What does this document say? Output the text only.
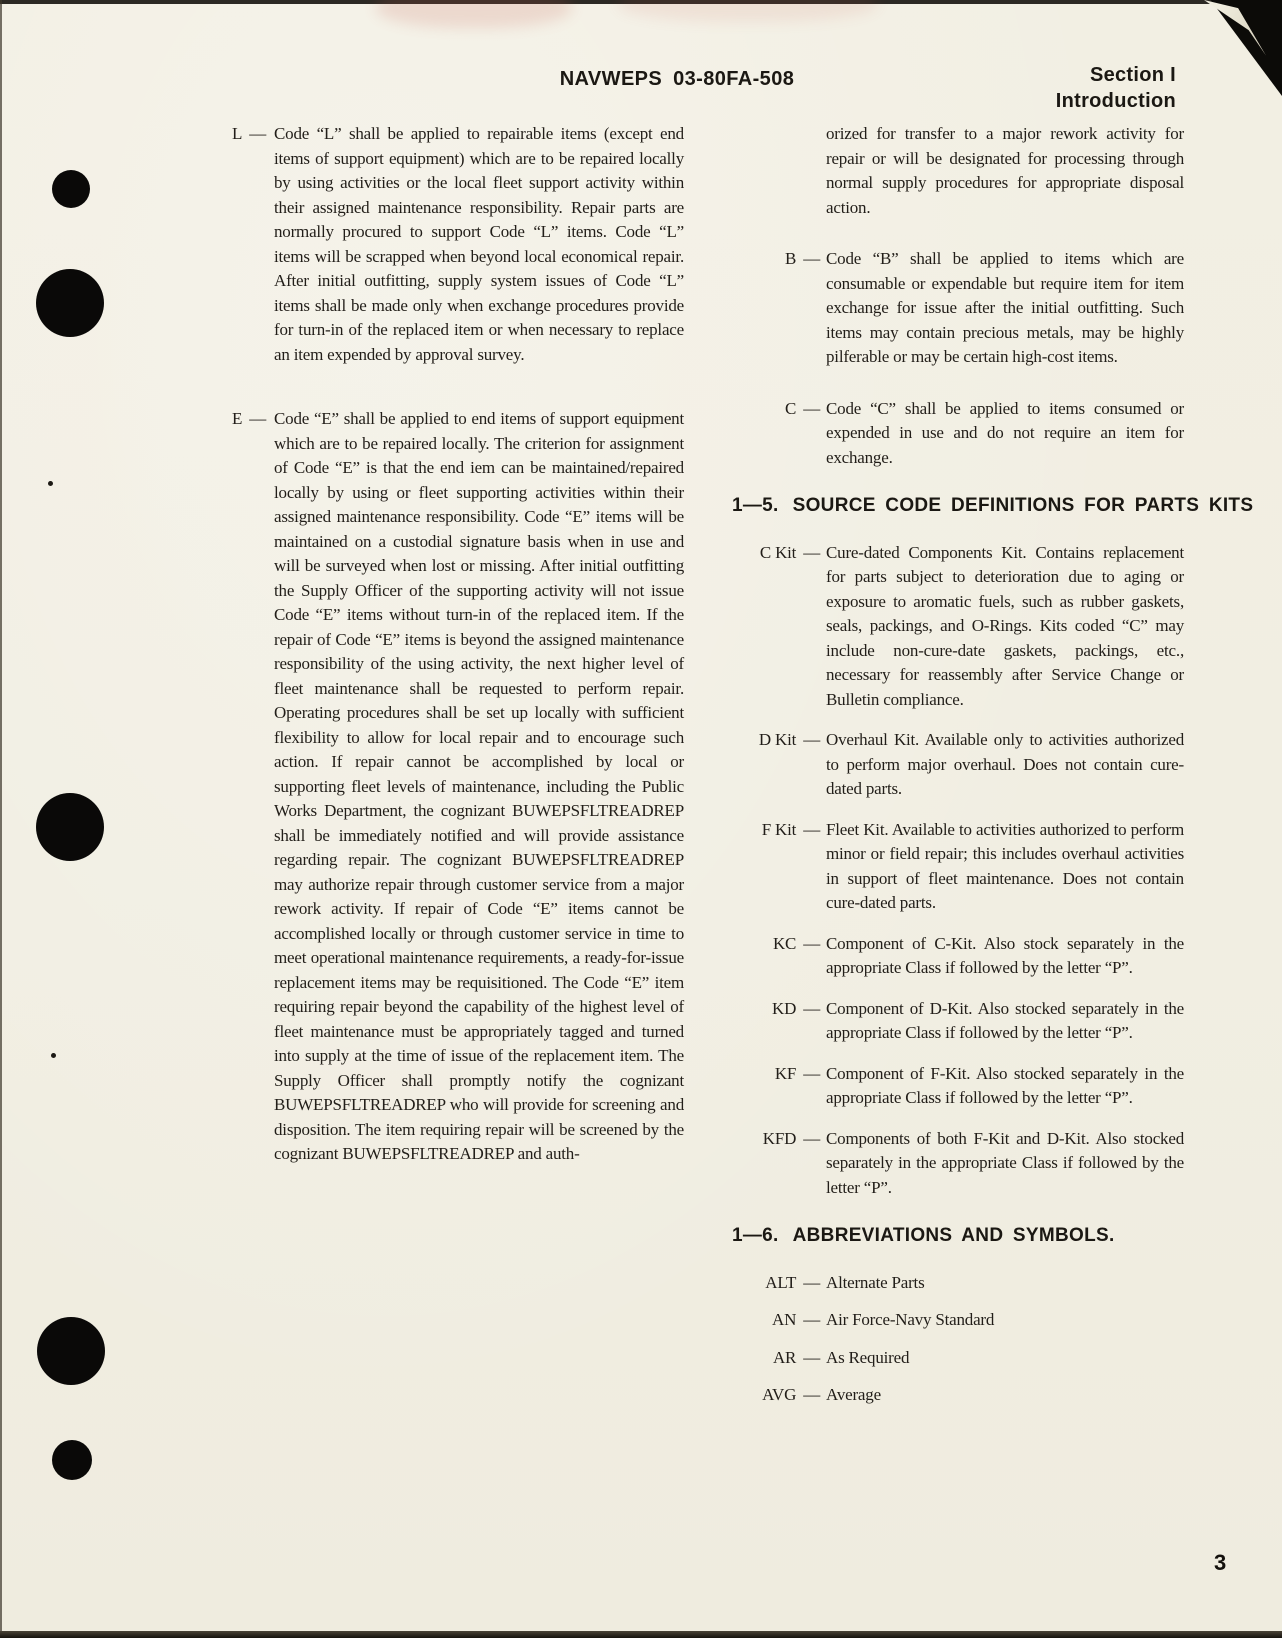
NAVWEPS 03-80FA-508	Section I
Introduction
L — Code “L” shall be applied to repairable items (except end items of support equipment) which are to be repaired locally by using activities or the local fleet support activity within their assigned maintenance responsibility. Repair parts are normally procured to support Code “L” items. Code “L” items will be scrapped when beyond local economical repair. After initial outfitting, supply system issues of Code “L” items shall be made only when exchange procedures provide for turn-in of the replaced item or when necessary to replace an item expended by approval survey.
E — Code “E” shall be applied to end items of support equipment which are to be repaired locally. The criterion for assignment of Code “E” is that the end iem can be maintained/repaired locally by using or fleet supporting activities within their assigned maintenance responsibility. Code “E” items will be maintained on a custodial signature basis when in use and will be surveyed when lost or missing. After initial outfitting the Supply Officer of the supporting activity will not issue Code “E” items without turn-in of the replaced item. If the repair of Code “E” items is beyond the assigned maintenance responsibility of the using activity, the next higher level of fleet maintenance shall be requested to perform repair. Operating procedures shall be set up locally with sufficient flexibility to allow for local repair and to encourage such action. If repair cannot be accomplished by local or supporting fleet levels of maintenance, including the Public Works Department, the cognizant BUWEPSFLTREADREP shall be immediately notified and will provide assistance regarding repair. The cognizant BUWEPSFLTREADREP may authorize repair through customer service from a major rework activity. If repair of Code “E” items cannot be accomplished locally or through customer service in time to meet operational maintenance requirements, a ready-for-issue replacement items may be requisitioned. The Code “E” item requiring repair beyond the capability of the highest level of fleet maintenance must be appropriately tagged and turned into supply at the time of issue of the replacement item. The Supply Officer shall promptly notify the cognizant BUWEPSFLTREADREP who will provide for screening and disposition. The item requiring repair will be screened by the cognizant BUWEPSFLTREADREP and auth-

orized for transfer to a major rework activity for repair or will be designated for processing through normal supply procedures for appropriate disposal action.

B — Code “B” shall be applied to items which are consumable or expendable but require item for item exchange for issue after the initial outfitting. Such items may contain precious metals, may be highly pilferable or may be certain high-cost items.
C — Code “C” shall be applied to items consumed or expended in use and do not require an item for exchange.
1—5. SOURCE CODE DEFINITIONS FOR PARTS KITS
C Kit — Cure-dated Components Kit. Contains replacement for parts subject to deterioration due to aging or exposure to aromatic fuels, such as rubber gaskets, seals, packings, and O-Rings. Kits coded “C” may include non-cure-date gaskets, packings, etc., necessary for reassembly after Service Change or Bulletin compliance.
D Kit — Overhaul Kit. Available only to activities authorized to perform major overhaul. Does not contain cure-dated parts.
F Kit — Fleet Kit. Available to activities authorized to perform minor or field repair; this includes overhaul activities in support of fleet maintenance. Does not contain cure-dated parts.
KC — Component of C-Kit. Also stock separately in the appropriate Class if followed by the letter “P”.
KD — Component of D-Kit. Also stocked separately in the appropriate Class if followed by the letter “P”.
KF — Component of F-Kit. Also stocked separately in the appropriate Class if followed by the letter “P”.
KFD — Components of both F-Kit and D-Kit. Also stocked separately in the appropriate Class if followed by the letter “P”.
1—6. ABBREVIATIONS AND SYMBOLS.
ALT — Alternate Parts
AN — Air Force-Navy Standard
AR — As Required
AVG — Average
3
